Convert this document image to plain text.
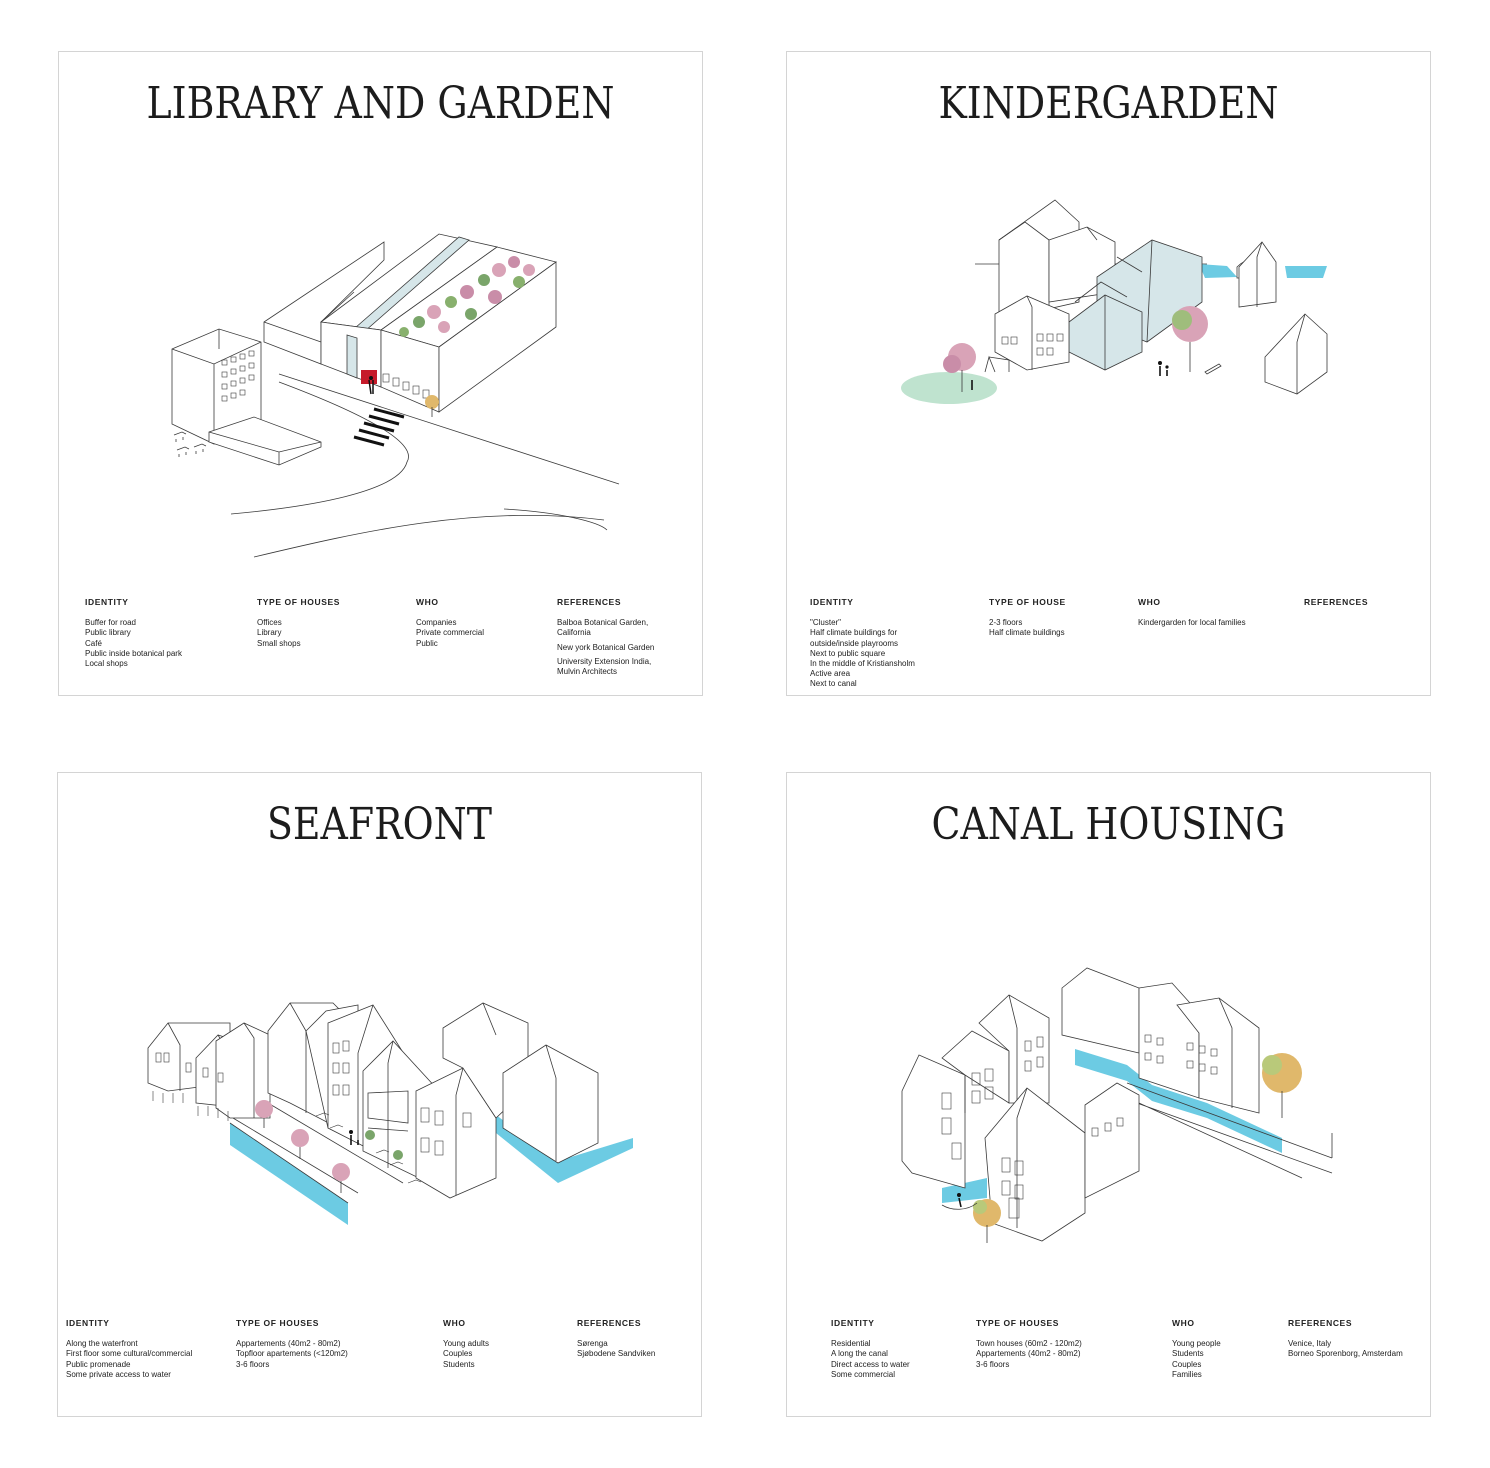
LIBRARY AND GARDEN
IDENTITY
Buffer for road
Public library
Café
Public inside botanical park
Local shops
TYPE OF HOUSES
Offices
Library
Small shops
WHO
Companies
Private commercial
Public
REFERENCES
Balboa Botanical Garden,
California
New york Botanical Garden
University Extension India,
Mulvin Architects
KINDERGARDEN
IDENTITY
"Cluster"
Half climate buildings for
outside/inside playrooms
Next to public square
In the middle of Kristiansholm
Active area
Next to canal
TYPE OF HOUSE
2-3 floors
Half climate buildings
WHO
Kindergarden for local families
REFERENCES
SEAFRONT
IDENTITY
Along the waterfront
First floor some cultural/commercial
Public promenade
Some private access to water
TYPE OF HOUSES
Appartements (40m2 - 80m2)
Topfloor apartements (<120m2)
3-6 floors
WHO
Young adults
Couples
Students
REFERENCES
Sørenga
Sjøbodene Sandviken
CANAL HOUSING
IDENTITY
Residential
A long the canal
Direct access to water
Some commercial
TYPE OF HOUSES
Town houses (60m2 - 120m2)
Appartements (40m2 - 80m2)
3-6 floors
WHO
Young people
Students
Couples
Families
REFERENCES
Venice, Italy
Borneo Sporenborg, Amsterdam
